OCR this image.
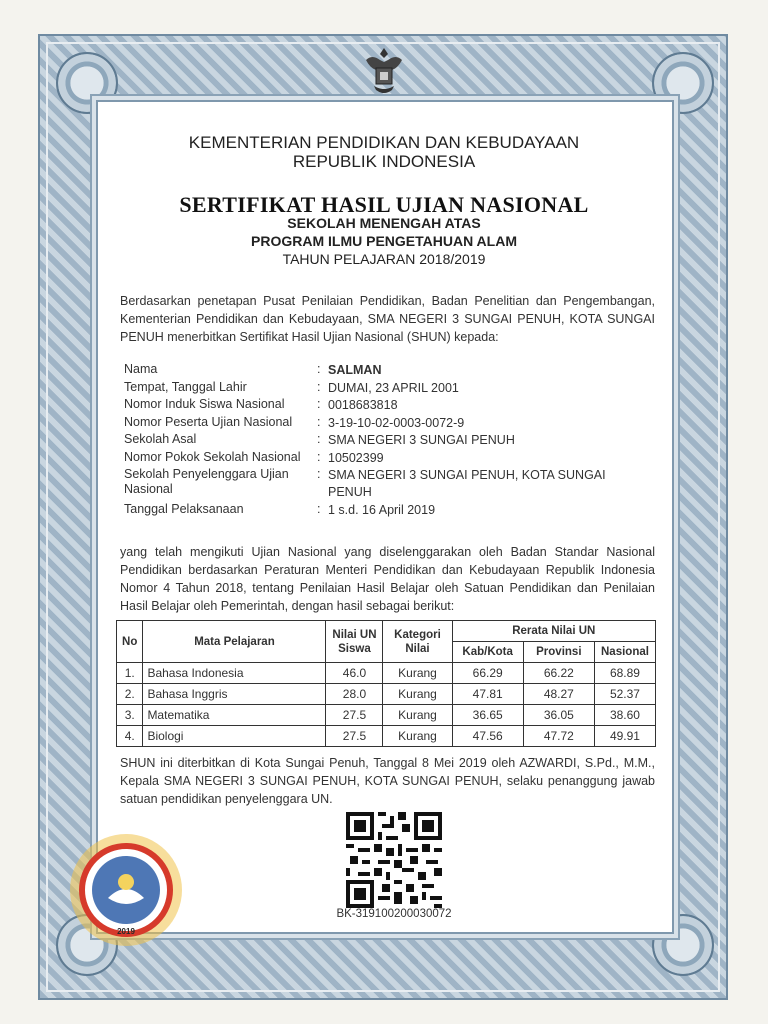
KEMENTERIAN PENDIDIKAN DAN KEBUDAYAAN
REPUBLIK INDONESIA
SERTIFIKAT HASIL UJIAN NASIONAL
SEKOLAH MENENGAH ATAS
PROGRAM ILMU PENGETAHUAN ALAM
TAHUN PELAJARAN 2018/2019
Berdasarkan penetapan Pusat Penilaian Pendidikan, Badan Penelitian dan Pengembangan, Kementerian Pendidikan dan Kebudayaan, SMA NEGERI 3 SUNGAI PENUH, KOTA SUNGAI PENUH menerbitkan Sertifikat Hasil Ujian Nasional (SHUN) kepada:
Nama	: SALMAN
Tempat, Tanggal Lahir	: DUMAI, 23 APRIL 2001
Nomor Induk Siswa Nasional	: 0018683818
Nomor Peserta Ujian Nasional	: 3-19-10-02-0003-0072-9
Sekolah Asal	: SMA NEGERI 3 SUNGAI PENUH
Nomor Pokok Sekolah Nasional	: 10502399
Sekolah Penyelenggara Ujian Nasional
: SMA NEGERI 3 SUNGAI PENUH, KOTA SUNGAI PENUH
Tanggal Pelaksanaan	: 1 s.d. 16 April 2019
yang telah mengikuti Ujian Nasional yang diselenggarakan oleh Badan Standar Nasional Pendidikan berdasarkan Peraturan Menteri Pendidikan dan Kebudayaan Republik Indonesia Nomor 4 Tahun 2018, tentang Penilaian Hasil Belajar oleh Satuan Pendidikan dan Penilaian Hasil Belajar oleh Pemerintah, dengan hasil sebagai berikut:
No	Mata Pelajaran	Nilai UN Siswa	Kategori Nilai	Rerata Nilai UN		
				Kab/Kota	Provinsi	Nasional
1.	Bahasa Indonesia	46.0	Kurang	66.29	66.22	68.89
2.	Bahasa Inggris	28.0	Kurang	47.81	48.27	52.37
3.	Matematika	27.5	Kurang	36.65	36.05	38.60
4.	Biologi	27.5	Kurang	47.56	47.72	49.91
SHUN ini diterbitkan di Kota Sungai Penuh, Tanggal 8 Mei 2019 oleh AZWARDI, S.Pd., M.M., Kepala SMA NEGERI 3 SUNGAI PENUH, KOTA SUNGAI PENUH, selaku penanggung jawab satuan pendidikan penyelenggara UN.
2019
BK-319100200030072
